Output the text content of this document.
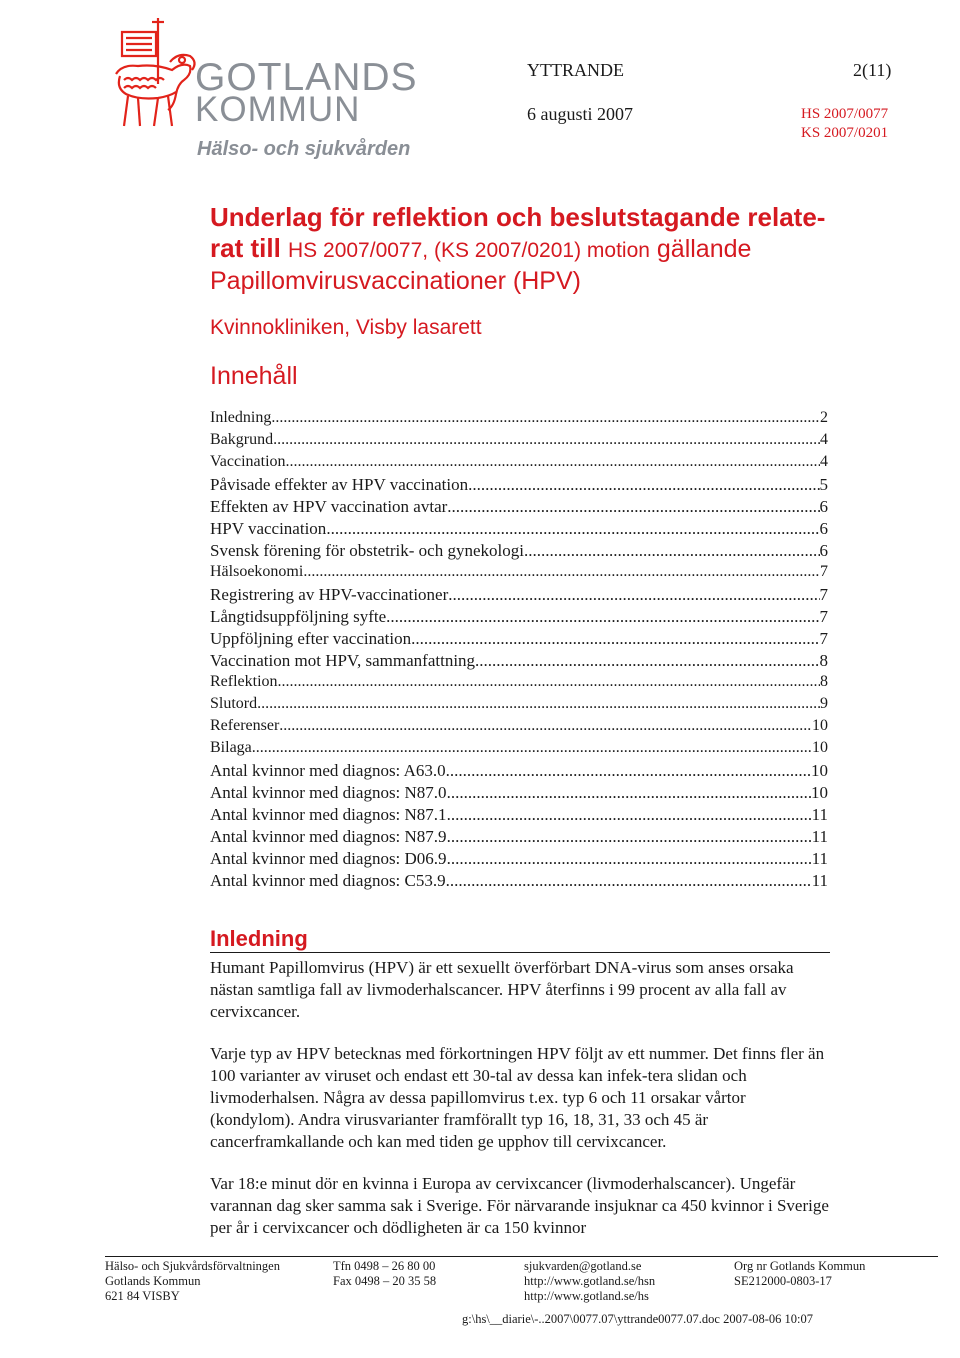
GOTLANDS
KOMMUN
Hälso- och sjukvården
YTTRANDE	2(11)
6 augusti 2007	HS 2007/0077
KS 2007/0201
Underlag för reflektion och beslutstagande relate-
rat till HS 2007/0077, (KS 2007/0201) motion gällande
Papillomvirusvaccinationer (HPV)
Kvinnokliniken, Visby lasarett
Innehåll
Inledning .....	2
Bakgrund .....	4
Vaccination .....	4
Påvisade effekter av HPV vaccination .....	5
Effekten av HPV vaccination avtar .....	6
HPV vaccination .....	6
Svensk förening för obstetrik- och gynekologi .....	6
Hälsoekonomi .....	7
Registrering av HPV-vaccinationer .....	7
Långtidsuppföljning syfte .....	7
Uppföljning efter vaccination .....	7
Vaccination mot HPV, sammanfattning .....	8
Reflektion .....	8
Slutord .....	9
Referenser .....	10
Bilaga .....	10
Antal kvinnor med diagnos: A63.0. .....	10
Antal kvinnor med diagnos: N87.0 .....	10
Antal kvinnor med diagnos: N87.1 .....	11
Antal kvinnor med diagnos: N87.9 .....	11
Antal kvinnor med diagnos: D06.9 .....	11
Antal kvinnor med diagnos: C53.9. .....	11
Inledning
Humant Papillomvirus (HPV) är ett sexuellt överförbart DNA-virus som anses orsaka nästan samtliga fall av livmoderhalscancer. HPV återfinns i 99 procent av alla fall av cervixcancer.
Varje typ av HPV betecknas med förkortningen HPV följt av ett nummer. Det finns fler än 100 varianter av viruset och endast ett 30-tal av dessa kan infek-tera slidan och livmoderhalsen. Några av dessa papillomvirus t.ex. typ 6 och 11 orsakar vårtor (kondylom). Andra virusvarianter framförallt typ 16, 18, 31, 33 och 45 är cancerframkallande och kan med tiden ge upphov till cervixcancer.
Var 18:e minut dör en kvinna i Europa av cervixcancer (livmoderhalscancer). Ungefär varannan dag sker samma sak i Sverige. För närvarande insjuknar ca 450 kvinnor i Sverige per år i cervixcancer och dödligheten är ca 150 kvinnor
Hälso- och Sjukvårdsförvaltningen
Gotlands Kommun
621 84 VISBY
Tfn 0498 – 26 80 00
Fax 0498 – 20 35 58
sjukvarden@gotland.se
http://www.gotland.se/hsn
http://www.gotland.se/hs
Org nr Gotlands Kommun
SE212000-0803-17
g:\hs\__diarie\-..2007\0077.07\yttrande0077.07.doc 2007-08-06 10:07
